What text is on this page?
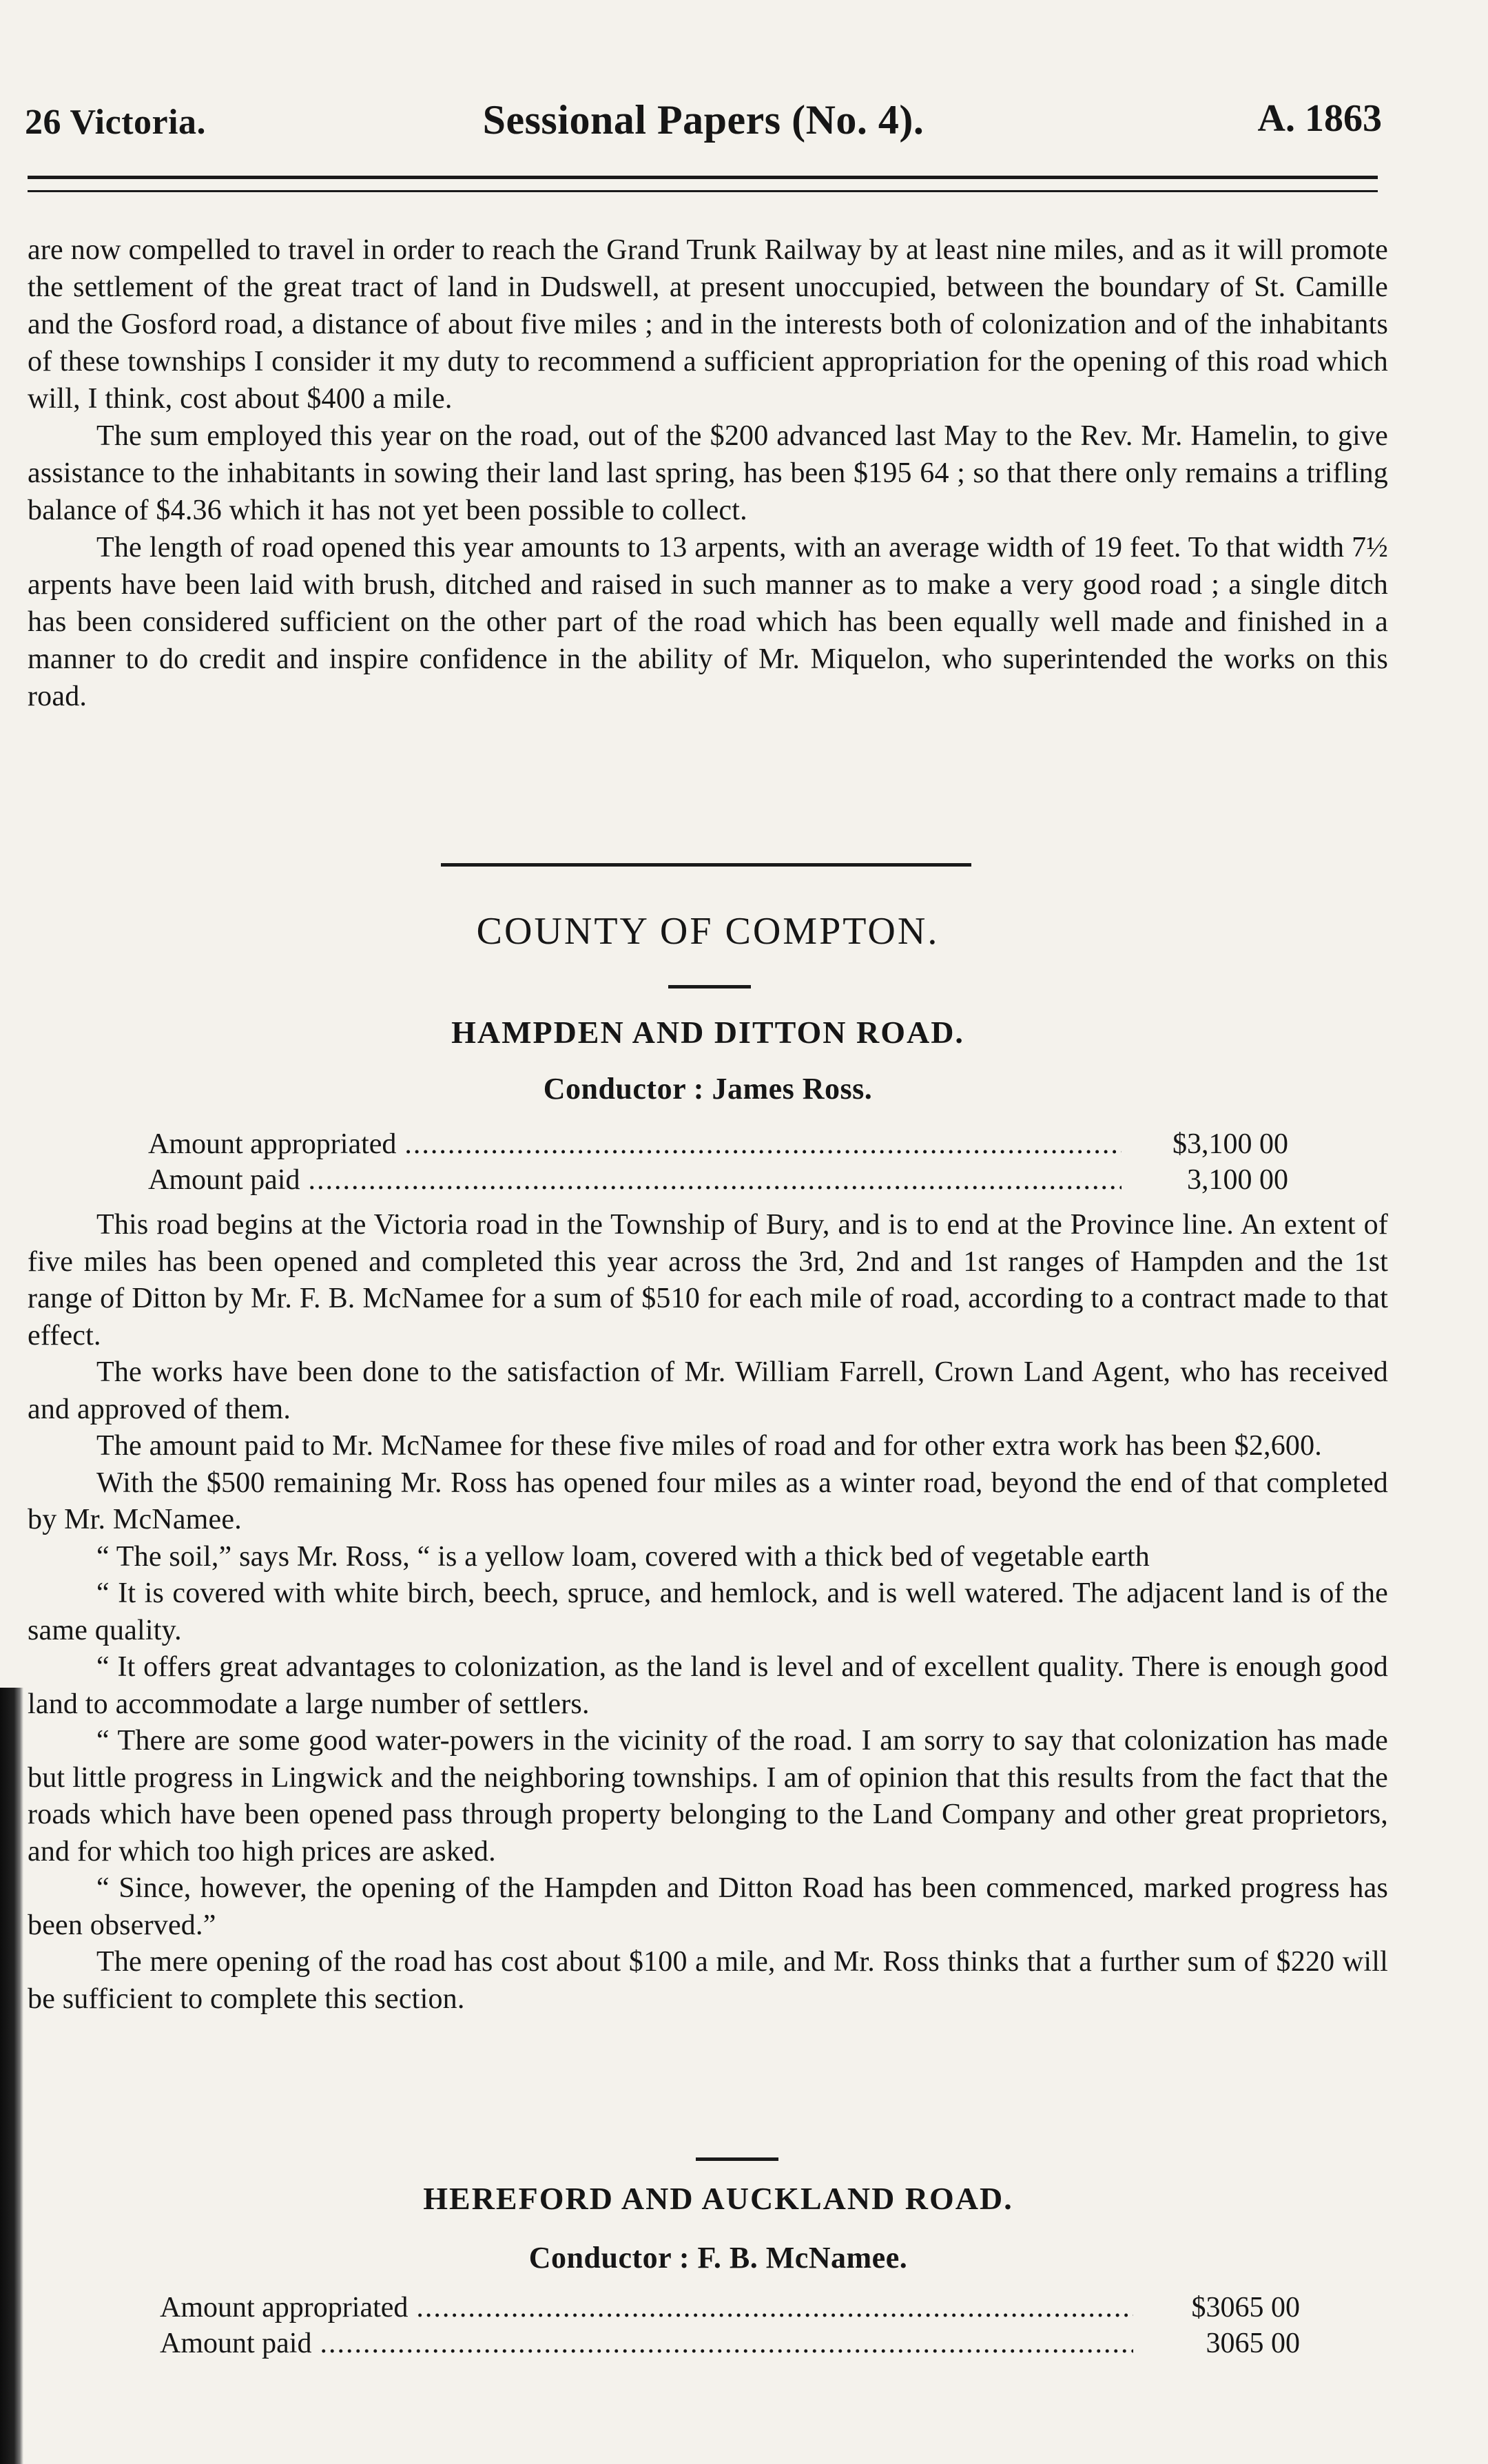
26 Victoria.	Sessional Papers (No. 4).	A. 1863

are now compelled to travel in order to reach the Grand Trunk Railway by at least nine miles, and as it will promote the settlement of the great tract of land in Dudswell, at present unoccupied, between the boundary of St. Camille and the Gosford road, a distance of about five miles ; and in the interests both of colonization and of the inhabitants of these townships I consider it my duty to recommend a sufficient appropriation for the opening of this road which will, I think, cost about $400 a mile.

The sum employed this year on the road, out of the $200 advanced last May to the Rev. Mr. Hamelin, to give assistance to the inhabitants in sowing their land last spring, has been $195 64 ; so that there only remains a trifling balance of $4.36 which it has not yet been possible to collect.

The length of road opened this year amounts to 13 arpents, with an average width of 19 feet. To that width 7½ arpents have been laid with brush, ditched and raised in such manner as to make a very good road ; a single ditch has been considered sufficient on the other part of the road which has been equally well made and finished in a manner to do credit and inspire confidence in the ability of Mr. Miquelon, who superintended the works on this road.

COUNTY OF COMPTON.
HAMPDEN AND DITTON ROAD.
Conductor : James Ross.
Amount appropriated .....	$3,100 00
Amount paid .....	3,100 00

This road begins at the Victoria road in the Township of Bury, and is to end at the Province line. An extent of five miles has been opened and completed this year across the 3rd, 2nd and 1st ranges of Hampden and the 1st range of Ditton by Mr. F. B. McNamee for a sum of $510 for each mile of road, according to a contract made to that effect.

The works have been done to the satisfaction of Mr. William Farrell, Crown Land Agent, who has received and approved of them.

The amount paid to Mr. McNamee for these five miles of road and for other extra work has been $2,600.

With the $500 remaining Mr. Ross has opened four miles as a winter road, beyond the end of that completed by Mr. McNamee.

“ The soil,” says Mr. Ross, “ is a yellow loam, covered with a thick bed of vegetable earth

“ It is covered with white birch, beech, spruce, and hemlock, and is well watered. The adjacent land is of the same quality.

“ It offers great advantages to colonization, as the land is level and of excellent quality. There is enough good land to accommodate a large number of settlers.

“ There are some good water-powers in the vicinity of the road. I am sorry to say that colonization has made but little progress in Lingwick and the neighboring townships. I am of opinion that this results from the fact that the roads which have been opened pass through property belonging to the Land Company and other great proprietors, and for which too high prices are asked.

“ Since, however, the opening of the Hampden and Ditton Road has been commenced, marked progress has been observed.”

The mere opening of the road has cost about $100 a mile, and Mr. Ross thinks that a further sum of $220 will be sufficient to complete this section.

HEREFORD AND AUCKLAND ROAD.
Conductor : F. B. McNamee.
Amount appropriated .....	$3065 00
Amount paid .....	3065 00
